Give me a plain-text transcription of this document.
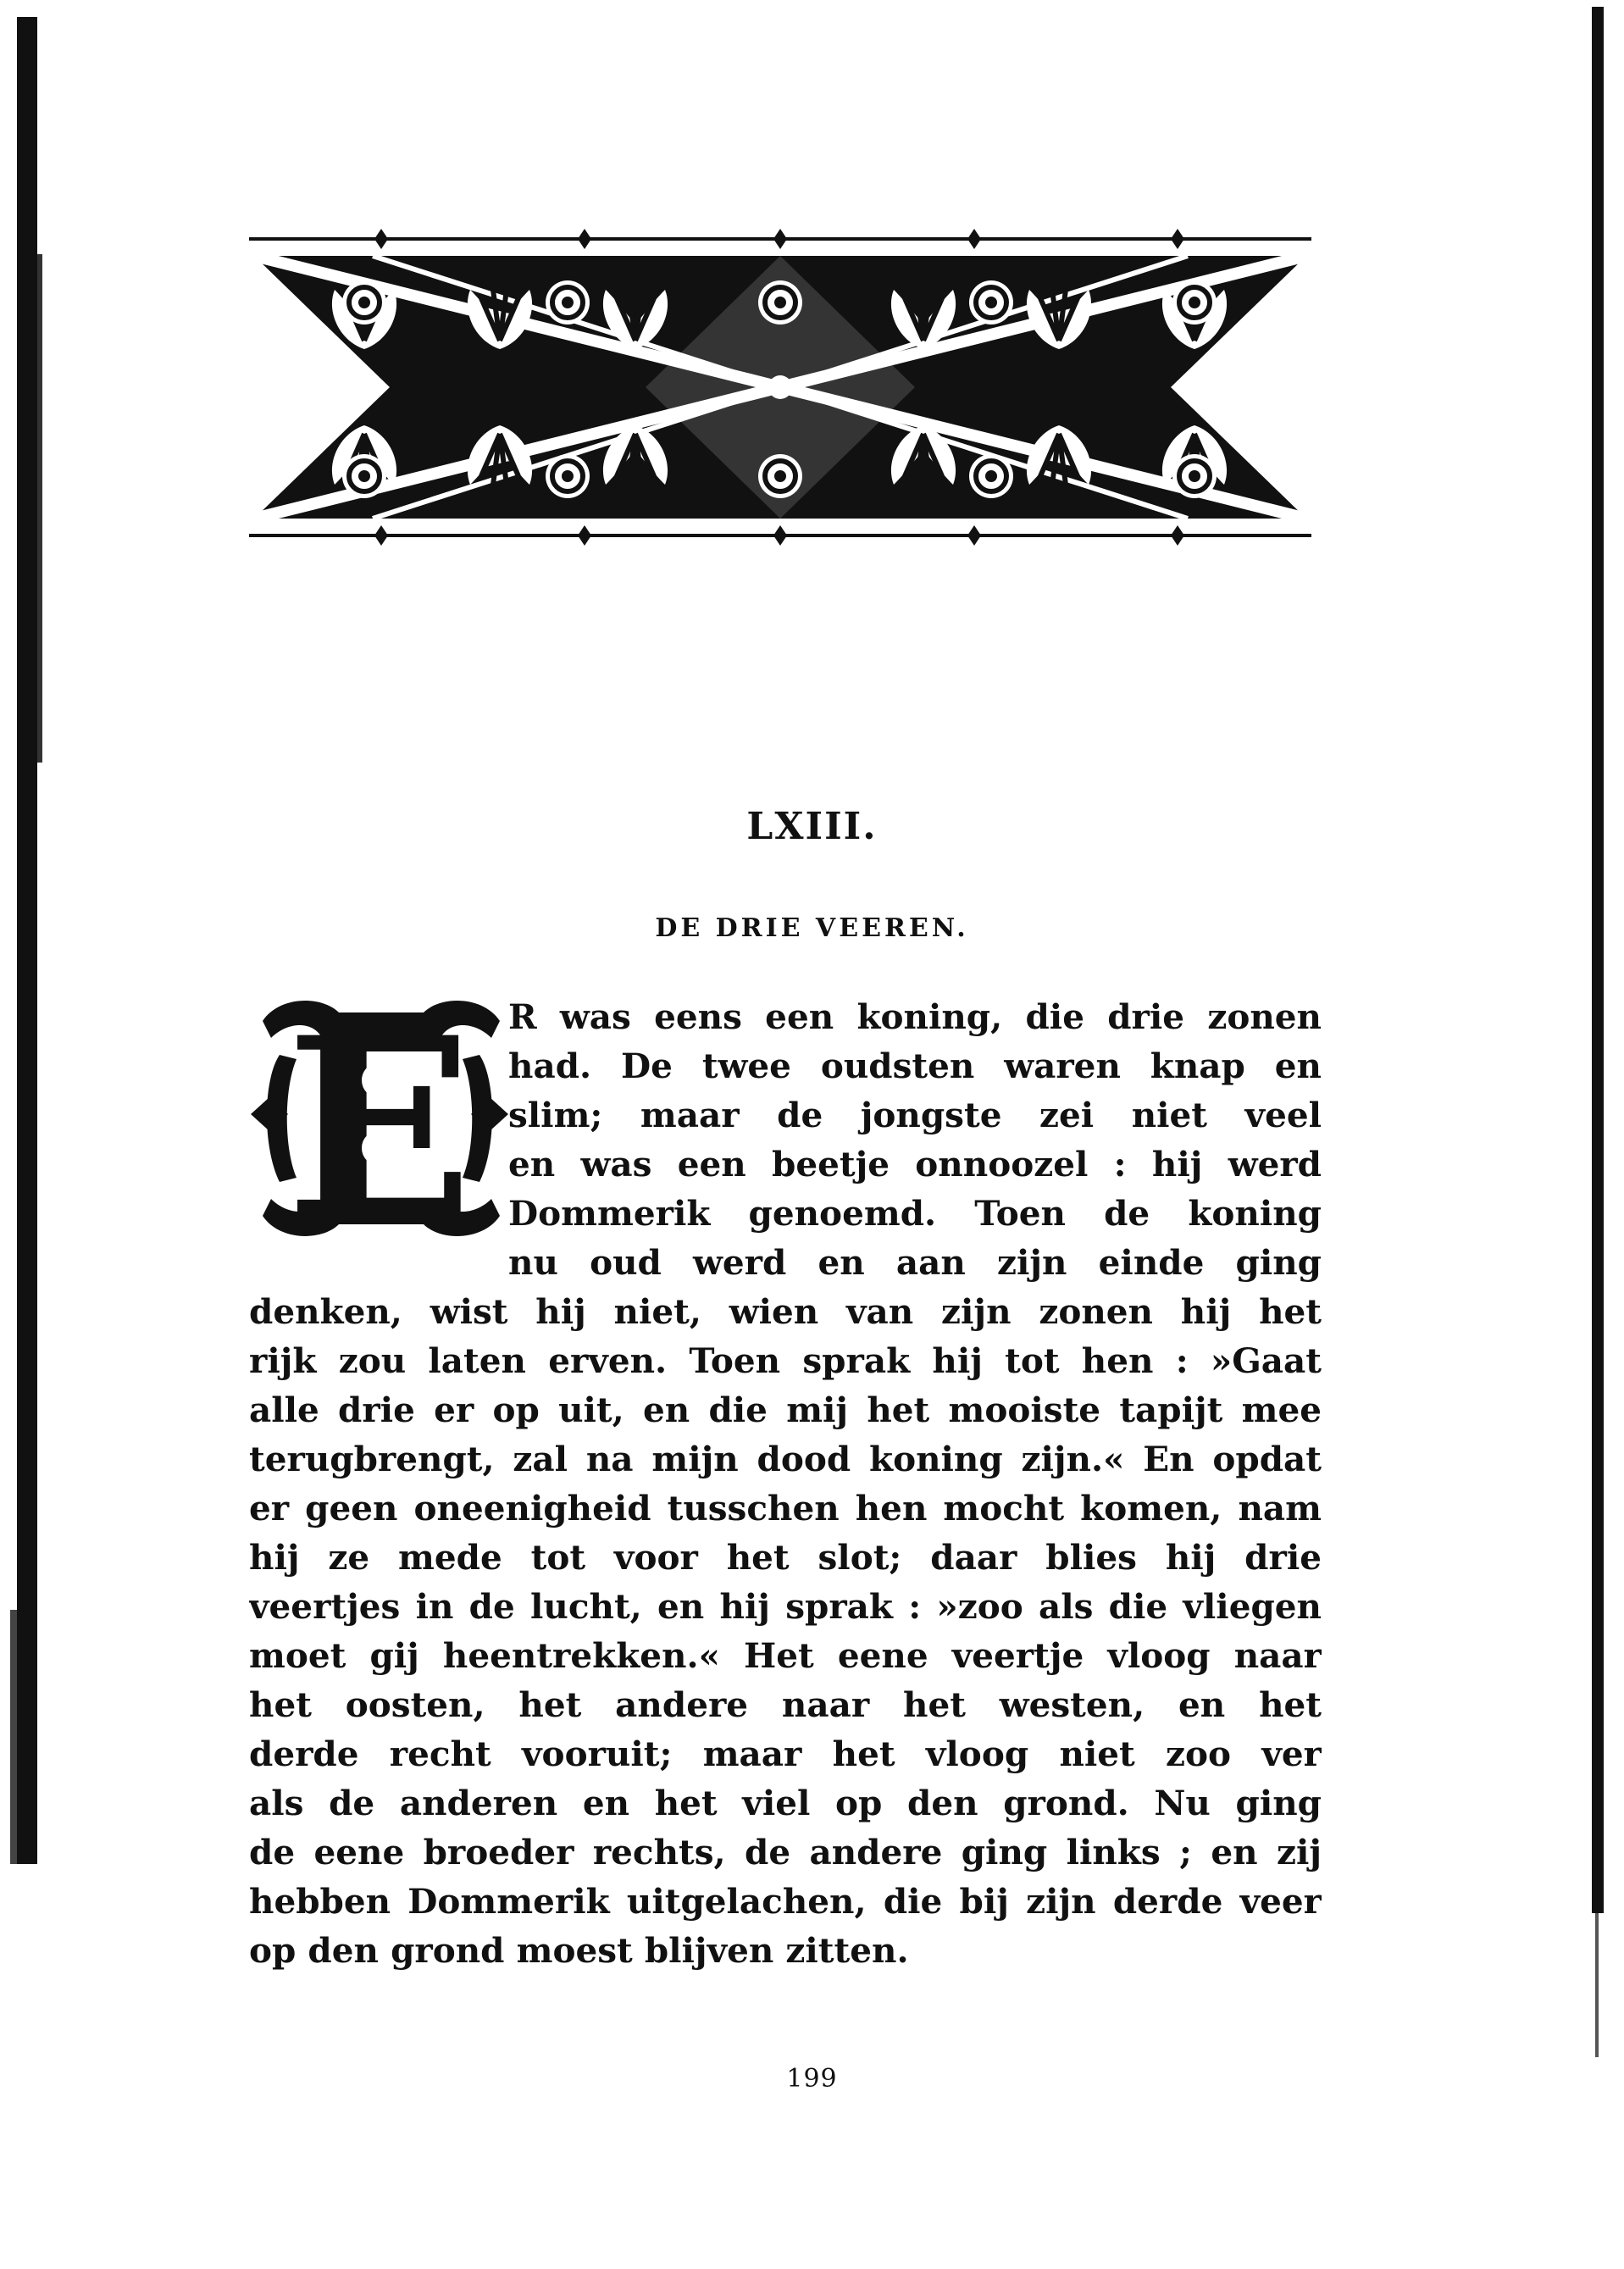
LXIII.
DE DRIE VEEREN.
E R was eens een koning, die drie zonen

had. De twee oudsten waren knap en

slim; maar de jongste zei niet veel

en was een beetje onnoozel : hij werd

Dommerik genoemd. Toen de koning

nu oud werd en aan zijn einde ging

denken, wist hij niet, wien van zijn zonen hij het

rijk zou laten erven. Toen sprak hij tot hen : »Gaat

alle drie er op uit, en die mij het mooiste tapijt mee

terugbrengt, zal na mijn dood koning zijn.« En opdat

er geen oneenigheid tusschen hen mocht komen, nam

hij ze mede tot voor het slot; daar blies hij drie

veertjes in de lucht, en hij sprak : »zoo als die vliegen

moet gij heentrekken.« Het eene veertje vloog naar

het oosten, het andere naar het westen, en het

derde recht vooruit; maar het vloog niet zoo ver

als de anderen en het viel op den grond. Nu ging

de eene broeder rechts, de andere ging links ; en zij

hebben Dommerik uitgelachen, die bij zijn derde veer

op den grond moest blijven zitten.

199
